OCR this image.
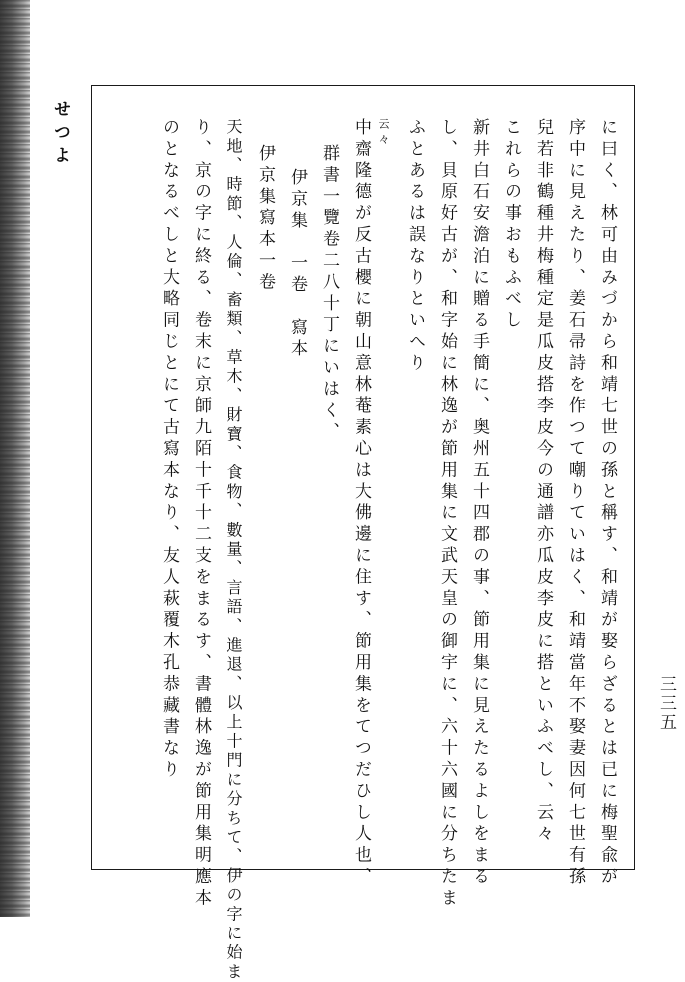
せつよ	に曰く、林可由みづから和靖七世の孫と稱す、和靖が娶らざるとは已に梅聖兪が
序中に見えたり、姜石帚詩を作つて嘲りていはく、和靖當年不娶妻因何七世有孫
兒若非鶴種井梅種定是瓜皮搭李皮今の通譜亦瓜皮李皮に搭といふべし、云々
これらの事おもふべし
新井白石安澹泊に贈る手簡に、奥州五十四郡の事、節用集に見えたるよしをまる
し、貝原好古が、和字始に林逸が節用集に文武天皇の御宇に、六十六國に分ちたま
ふとあるは誤なりといへり
云々
中齋隆德が反古櫻に朝山意林菴素心は大佛邊に住す、節用集をてつだひし人也、
群書一覽卷二八十丁にいはく、
伊京集　一卷　寫本
伊京集寫本一卷
天地、時節、人倫、畜類、草木、財寶、食物、數量、言語、進退、以上十門に分ちて、伊の字に始ま
り、京の字に終る、卷末に京師九陌十千十二支をまるす、書體林逸が節用集明應本
のとなるべしと大略同じとにて古寫本なり、友人萩覆木孔恭藏書なり	三三五
